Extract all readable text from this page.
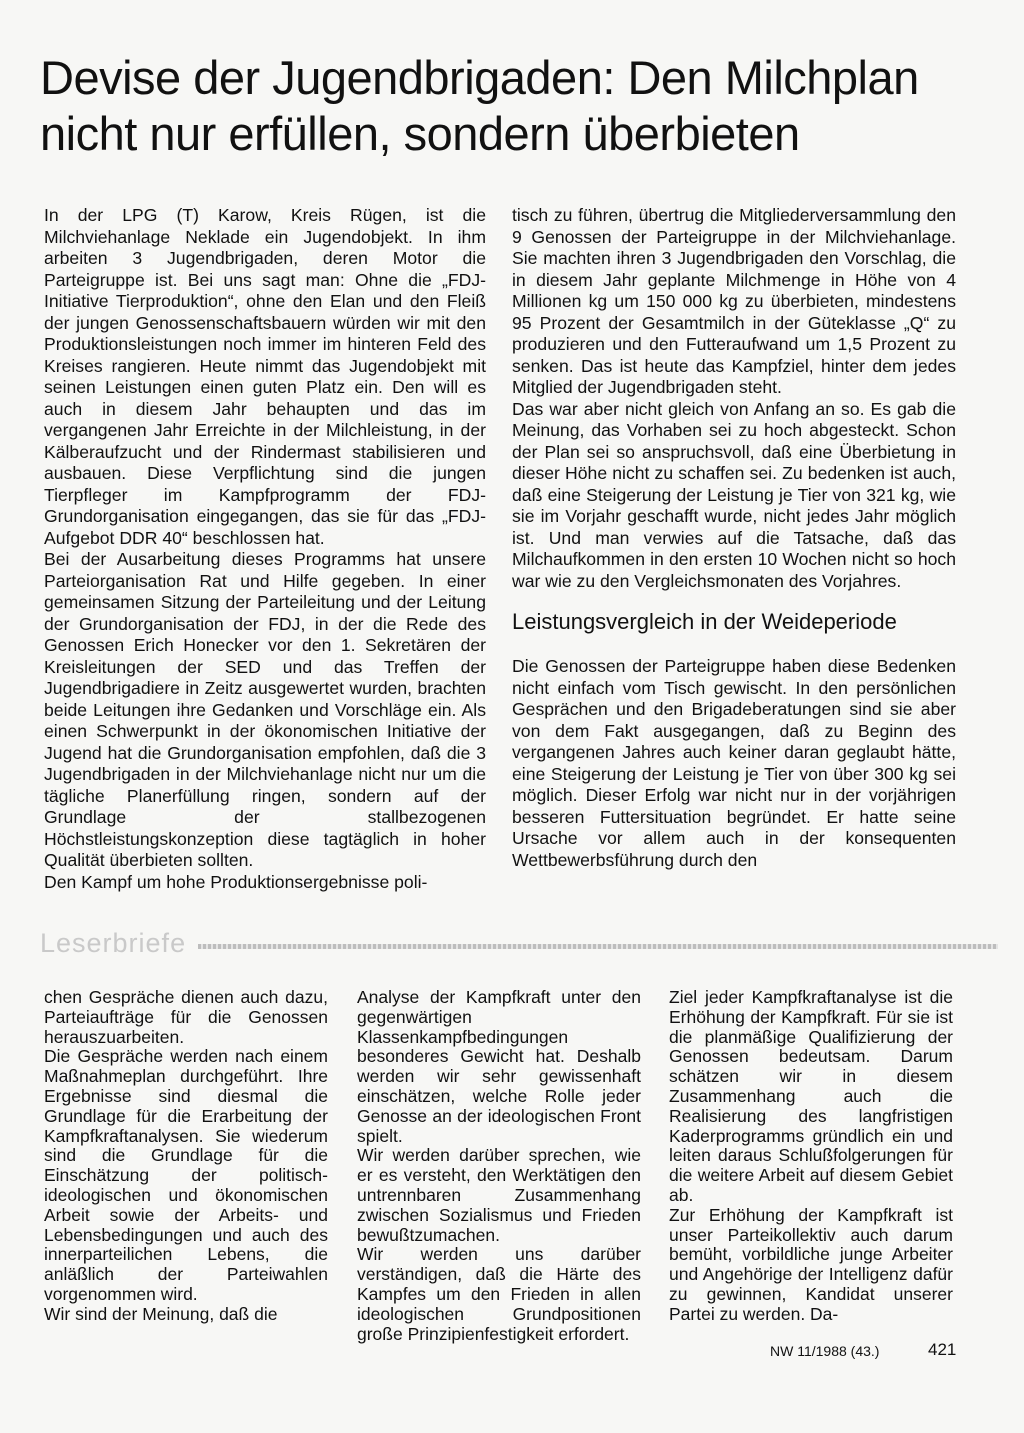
Devise der Jugendbrigaden: Den Milchplan
nicht nur erfüllen, sondern überbieten

In der LPG (T) Karow, Kreis Rügen, ist die Milchviehanlage Neklade ein Jugendobjekt. In ihm arbeiten 3 Jugendbrigaden, deren Motor die Parteigruppe ist. Bei uns sagt man: Ohne die „FDJ-Initiative Tierproduktion“, ohne den Elan und den Fleiß der jungen Genossenschaftsbauern würden wir mit den Produktionsleistungen noch immer im hinteren Feld des Kreises rangieren. Heute nimmt das Jugendobjekt mit seinen Leistungen einen guten Platz ein. Den will es auch in diesem Jahr behaupten und das im vergangenen Jahr Erreichte in der Milchleistung, in der Kälberaufzucht und der Rindermast stabilisieren und ausbauen. Diese Verpflichtung sind die jungen Tierpfleger im Kampfprogramm der FDJ-Grundorganisation eingegangen, das sie für das „FDJ-Aufgebot DDR 40“ beschlossen hat.

Bei der Ausarbeitung dieses Programms hat unsere Parteiorganisation Rat und Hilfe gegeben. In einer gemeinsamen Sitzung der Parteileitung und der Leitung der Grundorganisation der FDJ, in der die Rede des Genossen Erich Honecker vor den 1. Sekretären der Kreisleitungen der SED und das Treffen der Jugendbrigadiere in Zeitz ausgewertet wurden, brachten beide Leitungen ihre Gedanken und Vorschläge ein. Als einen Schwerpunkt in der ökonomischen Initiative der Jugend hat die Grundorganisation empfohlen, daß die 3 Jugendbrigaden in der Milchviehanlage nicht nur um die tägliche Planerfüllung ringen, sondern auf der Grundlage der stallbezogenen Höchstleistungskonzeption diese tagtäglich in hoher Qualität überbieten sollten.

Den Kampf um hohe Produktionsergebnisse poli-

tisch zu führen, übertrug die Mitgliederversammlung den 9 Genossen der Parteigruppe in der Milchviehanlage. Sie machten ihren 3 Jugendbrigaden den Vorschlag, die in diesem Jahr geplante Milchmenge in Höhe von 4 Millionen kg um 150 000 kg zu überbieten, mindestens 95 Prozent der Gesamtmilch in der Güteklasse „Q“ zu produzieren und den Futteraufwand um 1,5 Prozent zu senken. Das ist heute das Kampfziel, hinter dem jedes Mitglied der Jugendbrigaden steht.

Das war aber nicht gleich von Anfang an so. Es gab die Meinung, das Vorhaben sei zu hoch abgesteckt. Schon der Plan sei so anspruchsvoll, daß eine Überbietung in dieser Höhe nicht zu schaffen sei. Zu bedenken ist auch, daß eine Steigerung der Leistung je Tier von 321 kg, wie sie im Vorjahr geschafft wurde, nicht jedes Jahr möglich ist. Und man verwies auf die Tatsache, daß das Milchaufkommen in den ersten 10 Wochen nicht so hoch war wie zu den Vergleichsmonaten des Vorjahres.

Leistungsvergleich in der Weideperiode

Die Genossen der Parteigruppe haben diese Bedenken nicht einfach vom Tisch gewischt. In den persönlichen Gesprächen und den Brigadeberatungen sind sie aber von dem Fakt ausgegangen, daß zu Beginn des vergangenen Jahres auch keiner daran geglaubt hätte, eine Steigerung der Leistung je Tier von über 300 kg sei möglich. Dieser Erfolg war nicht nur in der vorjährigen besseren Futtersituation begründet. Er hatte seine Ursache vor allem auch in der konsequenten Wettbewerbsführung durch den

Leserbriefe

chen Gespräche dienen auch dazu, Parteiaufträge für die Genossen herauszuarbeiten.

Die Gespräche werden nach einem Maßnahmeplan durchgeführt. Ihre Ergebnisse sind diesmal die Grundlage für die Erarbeitung der Kampfkraftanalysen. Sie wiederum sind die Grundlage für die Einschätzung der politisch-ideologischen und ökonomischen Arbeit sowie der Arbeits- und Lebensbedingungen und auch des innerparteilichen Lebens, die anläßlich der Parteiwahlen vorgenommen wird.

Wir sind der Meinung, daß die

Analyse der Kampfkraft unter den gegenwärtigen Klassenkampfbedingungen besonderes Gewicht hat. Deshalb werden wir sehr gewissenhaft einschätzen, welche Rolle jeder Genosse an der ideologischen Front spielt.

Wir werden darüber sprechen, wie er es versteht, den Werktätigen den untrennbaren Zusammenhang zwischen Sozialismus und Frieden bewußtzumachen.

Wir werden uns darüber verständigen, daß die Härte des Kampfes um den Frieden in allen ideologischen Grundpositionen große Prinzipienfestigkeit erfordert.

Ziel jeder Kampfkraftanalyse ist die Erhöhung der Kampfkraft. Für sie ist die planmäßige Qualifizierung der Genossen bedeutsam. Darum schätzen wir in diesem Zusammenhang auch die Realisierung des langfristigen Kaderprogramms gründlich ein und leiten daraus Schlußfolgerungen für die weitere Arbeit auf diesem Gebiet ab.

Zur Erhöhung der Kampfkraft ist unser Parteikollektiv auch darum bemüht, vorbildliche junge Arbeiter und Angehörige der Intelligenz dafür zu gewinnen, Kandidat unserer Partei zu werden. Da-

NW 11/1988 (43.)	421
